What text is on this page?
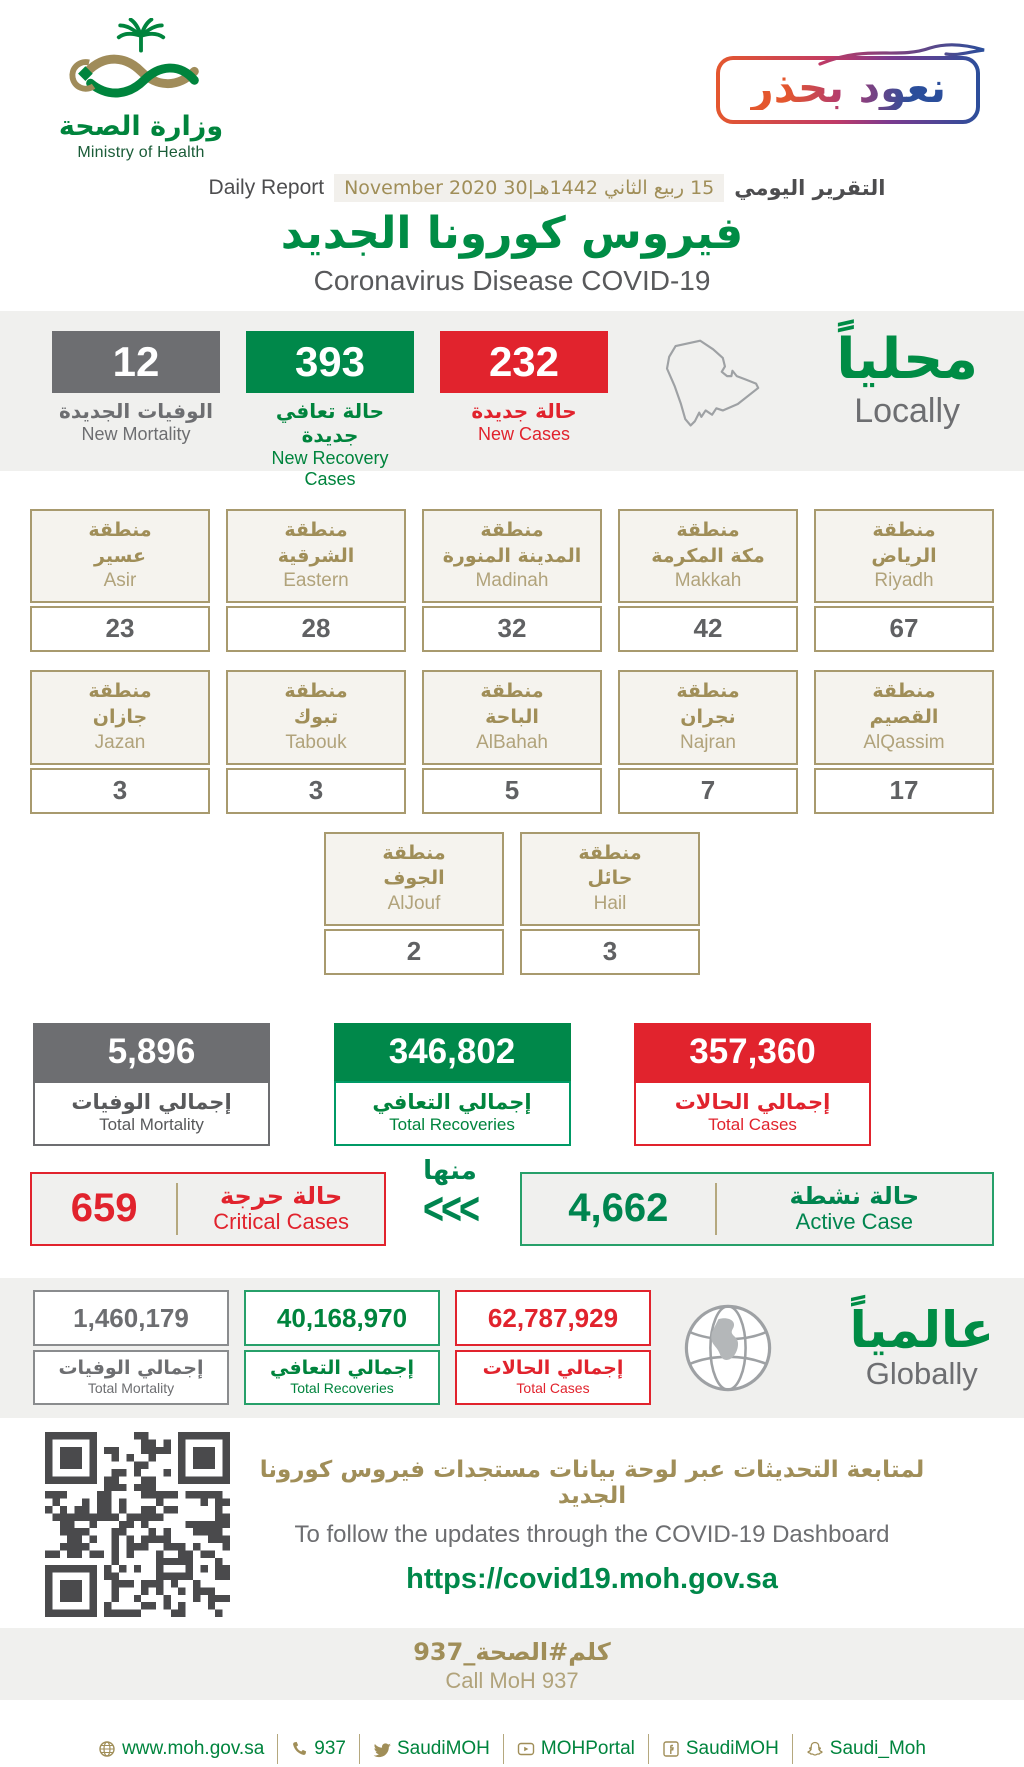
وزارة الصحة
Ministry of Health
نعود بحذر
التقرير اليومي
15 ربيع الثاني 1442هـ|30 November 2020
Daily Report
فيروس كورونا الجديد
Coronavirus Disease COVID-19
12
الوفيات الجديدة
New Mortality
393
حالة تعافي جديدة
New Recovery Cases
232
حالة جديدة
New Cases
محلياً
Locally
منطقة
عسير
Asir
23
منطقة
الشرقية
Eastern
28
منطقة
المدينة المنورة
Madinah
32
منطقة
مكة المكرمة
Makkah
42
منطقة
الرياض
Riyadh
67
منطقة
جازان
Jazan
3
منطقة
تبوك
Tabouk
3
منطقة
الباحة
AlBahah
5
منطقة
نجران
Najran
7
منطقة
القصيم
AlQassim
17
منطقة
الجوف
AlJouf
2
منطقة
حائل
Hail
3
5,896
إجمالي الوفيات
Total Mortality
346,802
إجمالي التعافي
Total Recoveries
357,360
إجمالي الحالات
Total Cases
659	حالة حرجة
Critical Cases
منها
<<<	4,662	حالة نشطة
Active Case
1,460,179
إجمالي الوفيات
Total Mortality
40,168,970
إجمالي التعافي
Total Recoveries
62,787,929
إجمالي الحالات
Total Cases
عالمياً
Globally
لمتابعة التحديثات عبر لوحة بيانات مستجدات فيروس كورونا الجديد
To follow the updates through the COVID-19 Dashboard
https://covid19.moh.gov.sa
كلم#الصحة_937
Call MoH 937
www.moh.gov.sa	937	SaudiMOH	MOHPortal	SaudiMOH	Saudi_Moh
